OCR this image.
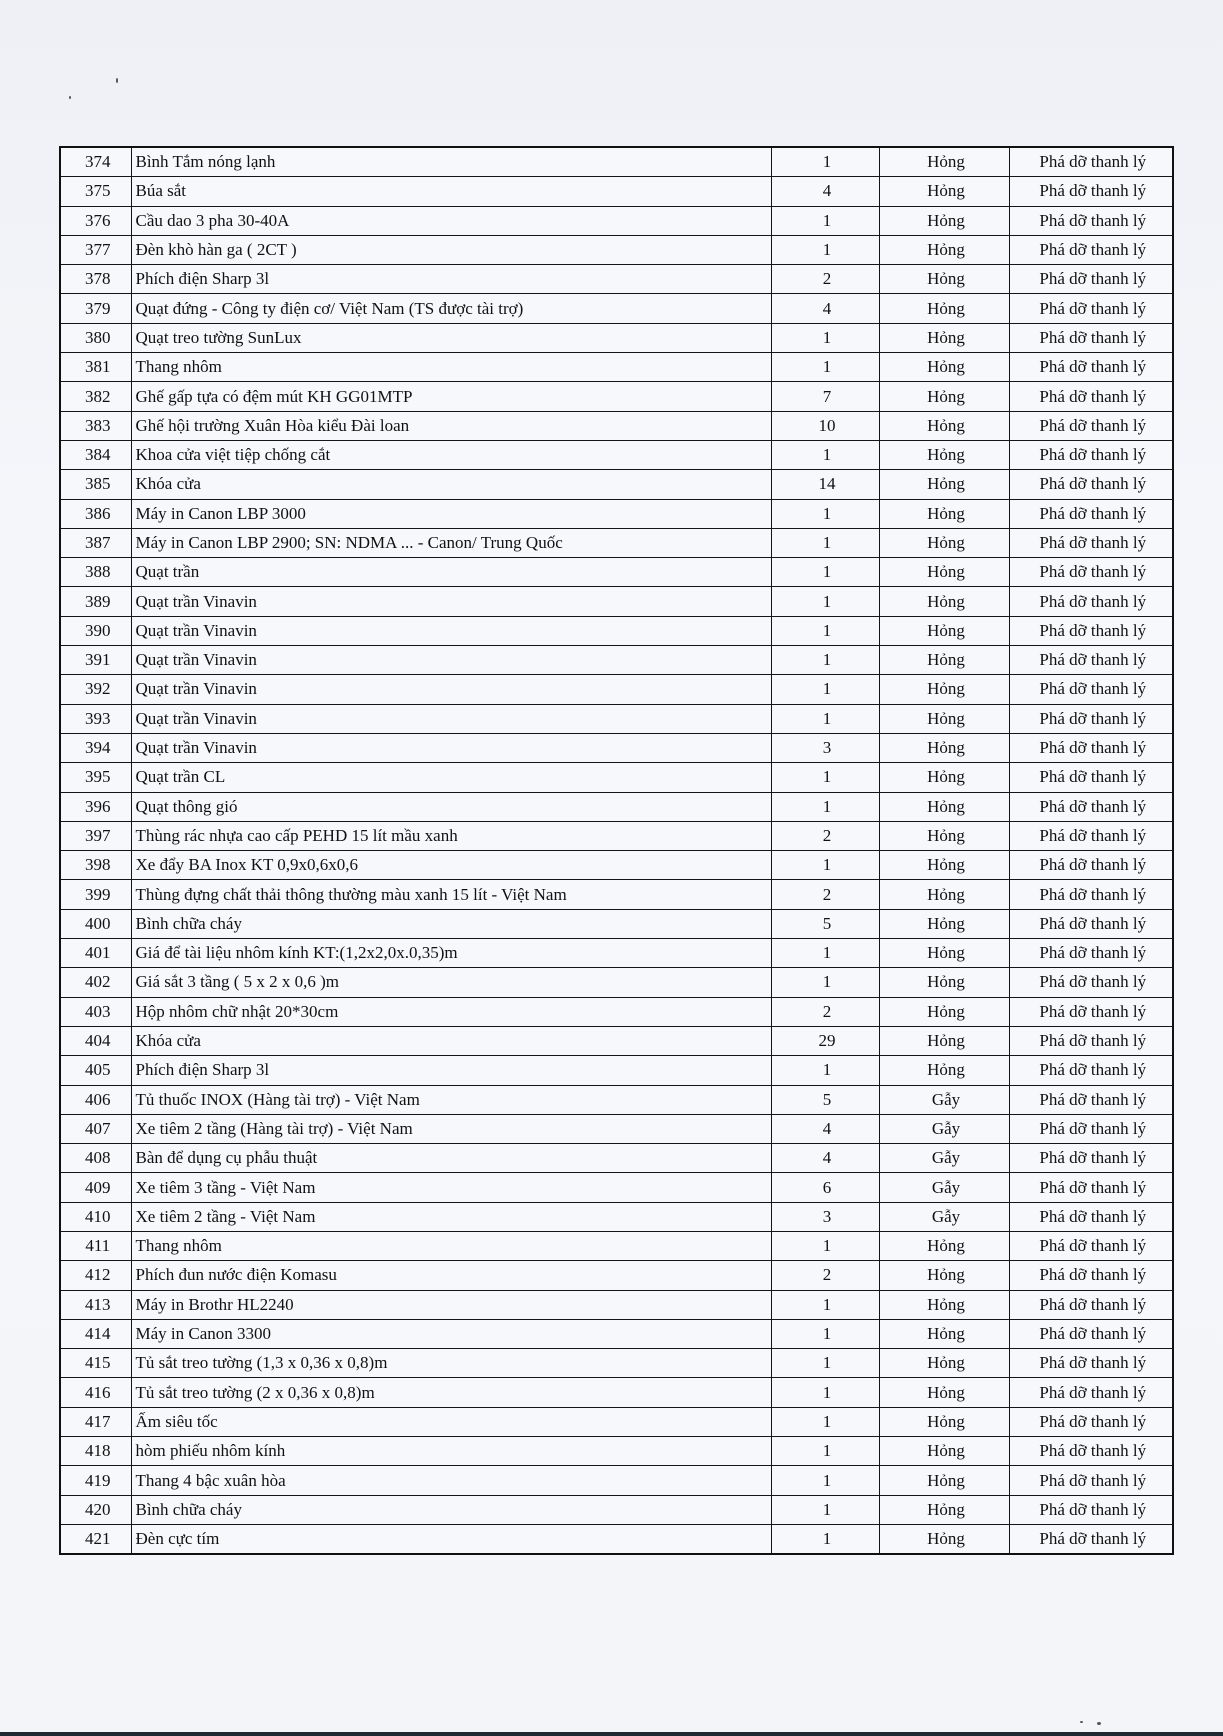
374	Bình Tắm nóng lạnh	1	Hỏng	Phá dỡ thanh lý
375	Búa sắt	4	Hỏng	Phá dỡ thanh lý
376	Cầu dao 3 pha 30-40A	1	Hỏng	Phá dỡ thanh lý
377	Đèn khò hàn ga ( 2CT )	1	Hỏng	Phá dỡ thanh lý
378	Phích điện Sharp 3l	2	Hỏng	Phá dỡ thanh lý
379	Quạt đứng - Công ty điện cơ/ Việt Nam (TS được tài trợ)	4	Hỏng	Phá dỡ thanh lý
380	Quạt treo tường SunLux	1	Hỏng	Phá dỡ thanh lý
381	Thang nhôm	1	Hỏng	Phá dỡ thanh lý
382	Ghế gấp tựa có đệm mút KH GG01MTP	7	Hỏng	Phá dỡ thanh lý
383	Ghế hội trường Xuân Hòa kiểu Đài loan	10	Hỏng	Phá dỡ thanh lý
384	Khoa cửa việt tiệp chống cắt	1	Hỏng	Phá dỡ thanh lý
385	Khóa cửa	14	Hỏng	Phá dỡ thanh lý
386	Máy in Canon LBP 3000	1	Hỏng	Phá dỡ thanh lý
387	Máy in Canon LBP 2900; SN: NDMA ... - Canon/ Trung Quốc	1	Hỏng	Phá dỡ thanh lý
388	Quạt trần	1	Hỏng	Phá dỡ thanh lý
389	Quạt trần Vinavin	1	Hỏng	Phá dỡ thanh lý
390	Quạt trần Vinavin	1	Hỏng	Phá dỡ thanh lý
391	Quạt trần Vinavin	1	Hỏng	Phá dỡ thanh lý
392	Quạt trần Vinavin	1	Hỏng	Phá dỡ thanh lý
393	Quạt trần Vinavin	1	Hỏng	Phá dỡ thanh lý
394	Quạt trần Vinavin	3	Hỏng	Phá dỡ thanh lý
395	Quạt trần CL	1	Hỏng	Phá dỡ thanh lý
396	Quạt thông gió	1	Hỏng	Phá dỡ thanh lý
397	Thùng rác nhựa cao cấp PEHD 15 lít mầu xanh	2	Hỏng	Phá dỡ thanh lý
398	Xe đẩy BA Inox KT 0,9x0,6x0,6	1	Hỏng	Phá dỡ thanh lý
399	Thùng đựng chất thải thông thường màu xanh 15 lít - Việt Nam	2	Hỏng	Phá dỡ thanh lý
400	Bình chữa cháy	5	Hỏng	Phá dỡ thanh lý
401	Giá để tài liệu nhôm kính KT:(1,2x2,0x.0,35)m	1	Hỏng	Phá dỡ thanh lý
402	Giá sắt 3 tầng ( 5 x 2 x 0,6 )m	1	Hỏng	Phá dỡ thanh lý
403	Hộp nhôm chữ nhật 20*30cm	2	Hỏng	Phá dỡ thanh lý
404	Khóa cửa	29	Hỏng	Phá dỡ thanh lý
405	Phích điện Sharp 3l	1	Hỏng	Phá dỡ thanh lý
406	Tủ thuốc INOX (Hàng tài trợ) - Việt Nam	5	Gẫy	Phá dỡ thanh lý
407	Xe tiêm 2 tầng (Hàng tài trợ) - Việt Nam	4	Gẫy	Phá dỡ thanh lý
408	Bàn để dụng cụ phẫu thuật	4	Gẫy	Phá dỡ thanh lý
409	Xe tiêm 3 tầng - Việt Nam	6	Gẫy	Phá dỡ thanh lý
410	Xe tiêm 2 tầng - Việt Nam	3	Gẫy	Phá dỡ thanh lý
411	Thang nhôm	1	Hỏng	Phá dỡ thanh lý
412	Phích đun nước điện Komasu	2	Hỏng	Phá dỡ thanh lý
413	Máy in Brothr HL2240	1	Hỏng	Phá dỡ thanh lý
414	Máy in Canon 3300	1	Hỏng	Phá dỡ thanh lý
415	Tủ sắt treo tường (1,3 x 0,36 x 0,8)m	1	Hỏng	Phá dỡ thanh lý
416	Tủ sắt treo tường (2 x 0,36 x 0,8)m	1	Hỏng	Phá dỡ thanh lý
417	Ấm siêu tốc	1	Hỏng	Phá dỡ thanh lý
418	hòm phiếu nhôm kính	1	Hỏng	Phá dỡ thanh lý
419	Thang 4 bậc xuân hòa	1	Hỏng	Phá dỡ thanh lý
420	Bình chữa cháy	1	Hỏng	Phá dỡ thanh lý
421	Đèn cực tím	1	Hỏng	Phá dỡ thanh lý
